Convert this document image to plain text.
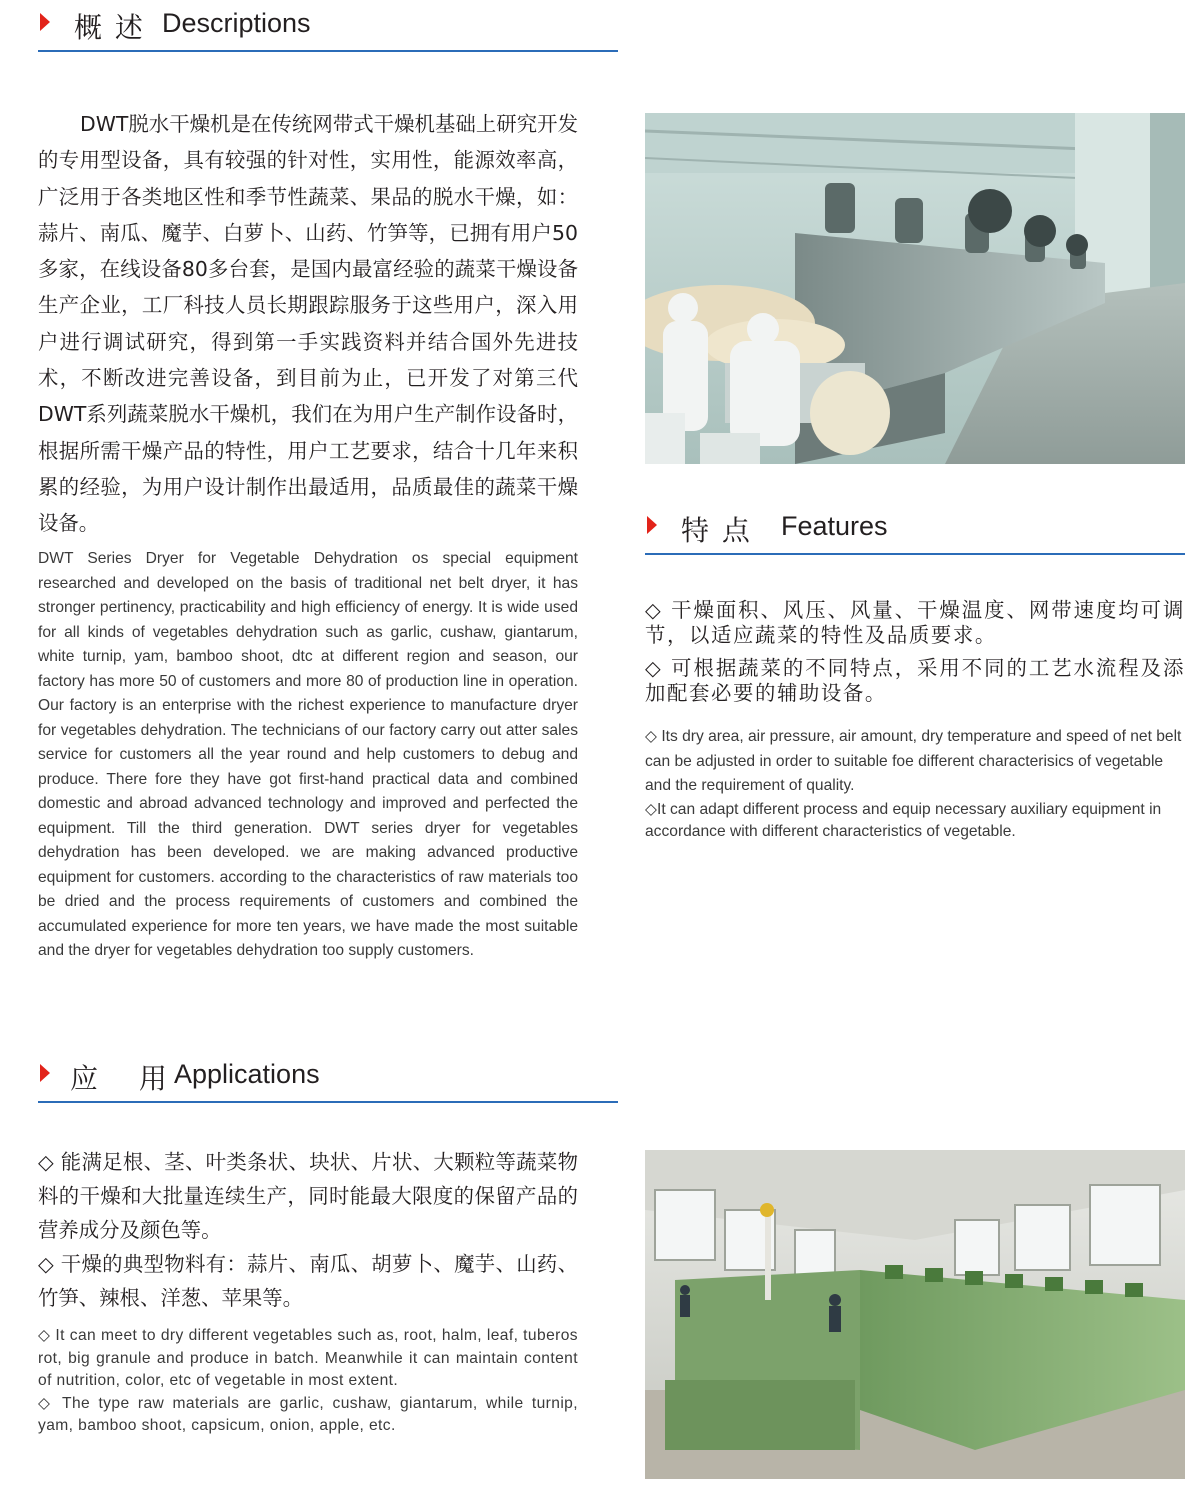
概 述 Descriptions

DWT脱水干燥机是在传统网带式干燥机基础上研究开发的专用型设备，具有较强的针对性，实用性，能源效率高，广泛用于各类地区性和季节性蔬菜、果品的脱水干燥，如：蒜片、南瓜、魔芋、白萝卜、山药、竹笋等，已拥有用户50多家，在线设备80多台套，是国内最富经验的蔬菜干燥设备生产企业，工厂科技人员长期跟踪服务于这些用户，深入用户进行调试研究，得到第一手实践资料并结合国外先进技术，不断改进完善设备，到目前为止，已开发了对第三代DWT系列蔬菜脱水干燥机，我们在为用户生产制作设备时，根据所需干燥产品的特性，用户工艺要求，结合十几年来积累的经验，为用户设计制作出最适用，品质最佳的蔬菜干燥设备。

DWT Series Dryer for Vegetable Dehydration os special equipment researched and developed on the basis of traditional net belt dryer, it has stronger pertinency, practicability and high efficiency of energy. It is wide used for all kinds of vegetables dehydration such as garlic, cushaw, giantarum, white turnip, yam, bamboo shoot, dtc at different region and season, our factory has more 50 of customers and more 80 of production line in operation. Our factory is an enterprise with the richest experience to manufacture dryer for vegetables dehydration. The technicians of our factory carry out atter sales service for customers all the year round and help customers to debug and produce. There fore they have got first-hand practical data and combined domestic and abroad advanced technology and improved and perfected the equipment. Till the third generation. DWT series dryer for vegetables dehydration has been developed. we are making advanced productive equipment for customers. according to the characteristics of raw materials too be dried and the process requirements of customers and combined the accumulated experience for more ten years, we have made the most suitable and the dryer for vegetables dehydration too supply customers.

特 点 Features

◇ 干燥面积、风压、风量、干燥温度、网带速度均可调节，以适应蔬菜的特性及品质要求。

◇ 可根据蔬菜的不同特点，采用不同的工艺水流程及添加配套必要的辅助设备。

◇ Its dry area, air pressure, air amount, dry temperature and speed of net belt can be adjusted in order to suitable foe different characterisics of vegetable and the requirement of quality.

◇It can adapt different process and equip necessary auxiliary equipment in accordance with different characteristics of vegetable.

应 用
Applications

◇ 能满足根、茎、叶类条状、块状、片状、大颗粒等蔬菜物料的干燥和大批量连续生产，同时能最大限度的保留产品的营养成分及颜色等。

◇ 干燥的典型物料有：蒜片、南瓜、胡萝卜、魔芋、山药、竹笋、辣根、洋葱、苹果等。

◇ It can meet to dry different vegetables such as, root, halm, leaf, tuberos rot, big granule and produce in batch. Meanwhile it can maintain content of nutrition, color, etc of vegetable in most extent.

◇ The type raw materials are garlic, cushaw, giantarum, while turnip, yam, bamboo shoot, capsicum, onion, apple, etc.
